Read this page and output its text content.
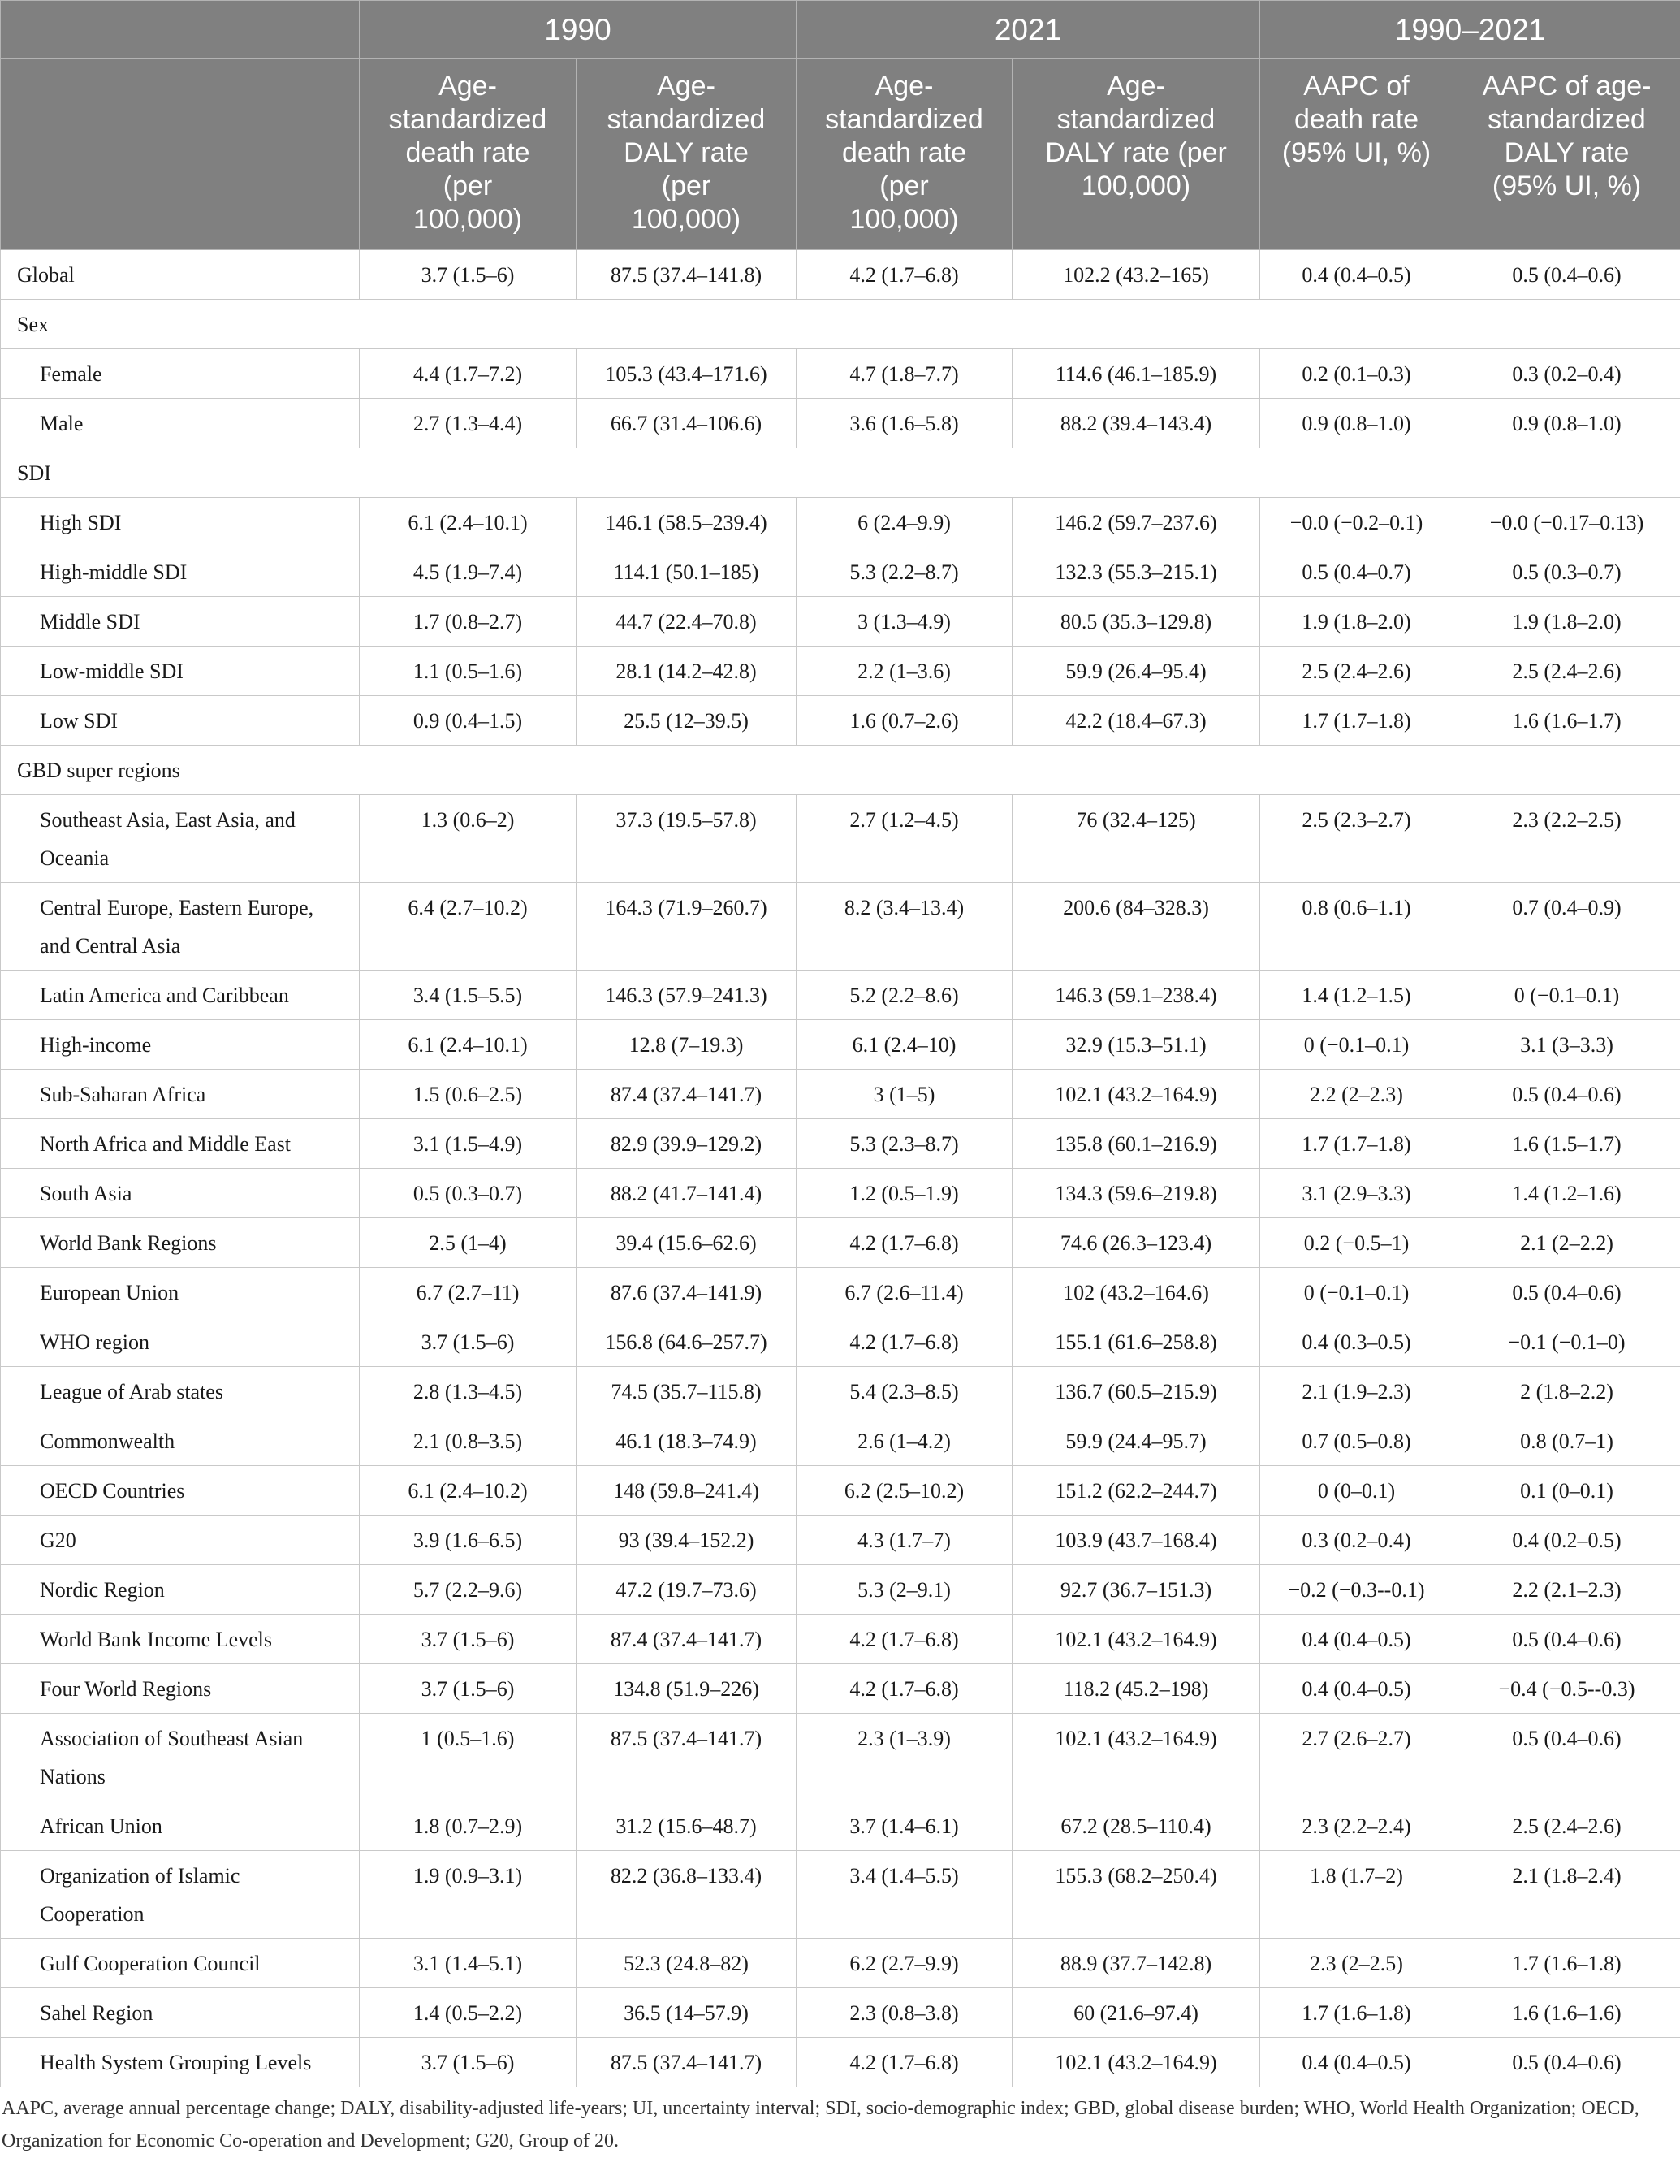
	1990		2021		1990–2021	
	Age-standardized death rate (per 100,000)	Age-standardized DALY rate (per 100,000)	Age-standardized death rate (per 100,000)	Age-standardized DALY rate (per 100,000)	AAPC of death rate (95% UI, %)	AAPC of age-standardized DALY rate (95% UI, %)
Global	3.7 (1.5–6)	87.5 (37.4–141.8)	4.2 (1.7–6.8)	102.2 (43.2–165)	0.4 (0.4–0.5)	0.5 (0.4–0.6)
Sex						
Female	4.4 (1.7–7.2)	105.3 (43.4–171.6)	4.7 (1.8–7.7)	114.6 (46.1–185.9)	0.2 (0.1–0.3)	0.3 (0.2–0.4)
Male	2.7 (1.3–4.4)	66.7 (31.4–106.6)	3.6 (1.6–5.8)	88.2 (39.4–143.4)	0.9 (0.8–1.0)	0.9 (0.8–1.0)
SDI						
High SDI	6.1 (2.4–10.1)	146.1 (58.5–239.4)	6 (2.4–9.9)	146.2 (59.7–237.6)	−0.0 (−0.2–0.1)	−0.0 (−0.17–0.13)
High-middle SDI	4.5 (1.9–7.4)	114.1 (50.1–185)	5.3 (2.2–8.7)	132.3 (55.3–215.1)	0.5 (0.4–0.7)	0.5 (0.3–0.7)
Middle SDI	1.7 (0.8–2.7)	44.7 (22.4–70.8)	3 (1.3–4.9)	80.5 (35.3–129.8)	1.9 (1.8–2.0)	1.9 (1.8–2.0)
Low-middle SDI	1.1 (0.5–1.6)	28.1 (14.2–42.8)	2.2 (1–3.6)	59.9 (26.4–95.4)	2.5 (2.4–2.6)	2.5 (2.4–2.6)
Low SDI	0.9 (0.4–1.5)	25.5 (12–39.5)	1.6 (0.7–2.6)	42.2 (18.4–67.3)	1.7 (1.7–1.8)	1.6 (1.6–1.7)
GBD super regions						
Southeast Asia, East Asia, and Oceania	1.3 (0.6–2)	37.3 (19.5–57.8)	2.7 (1.2–4.5)	76 (32.4–125)	2.5 (2.3–2.7)	2.3 (2.2–2.5)
Central Europe, Eastern Europe, and Central Asia	6.4 (2.7–10.2)	164.3 (71.9–260.7)	8.2 (3.4–13.4)	200.6 (84–328.3)	0.8 (0.6–1.1)	0.7 (0.4–0.9)
Latin America and Caribbean	3.4 (1.5–5.5)	146.3 (57.9–241.3)	5.2 (2.2–8.6)	146.3 (59.1–238.4)	1.4 (1.2–1.5)	0 (−0.1–0.1)
High-income	6.1 (2.4–10.1)	12.8 (7–19.3)	6.1 (2.4–10)	32.9 (15.3–51.1)	0 (−0.1–0.1)	3.1 (3–3.3)
Sub-Saharan Africa	1.5 (0.6–2.5)	87.4 (37.4–141.7)	3 (1–5)	102.1 (43.2–164.9)	2.2 (2–2.3)	0.5 (0.4–0.6)
North Africa and Middle East	3.1 (1.5–4.9)	82.9 (39.9–129.2)	5.3 (2.3–8.7)	135.8 (60.1–216.9)	1.7 (1.7–1.8)	1.6 (1.5–1.7)
South Asia	0.5 (0.3–0.7)	88.2 (41.7–141.4)	1.2 (0.5–1.9)	134.3 (59.6–219.8)	3.1 (2.9–3.3)	1.4 (1.2–1.6)
World Bank Regions	2.5 (1–4)	39.4 (15.6–62.6)	4.2 (1.7–6.8)	74.6 (26.3–123.4)	0.2 (−0.5–1)	2.1 (2–2.2)
European Union	6.7 (2.7–11)	87.6 (37.4–141.9)	6.7 (2.6–11.4)	102 (43.2–164.6)	0 (−0.1–0.1)	0.5 (0.4–0.6)
WHO region	3.7 (1.5–6)	156.8 (64.6–257.7)	4.2 (1.7–6.8)	155.1 (61.6–258.8)	0.4 (0.3–0.5)	−0.1 (−0.1–0)
League of Arab states	2.8 (1.3–4.5)	74.5 (35.7–115.8)	5.4 (2.3–8.5)	136.7 (60.5–215.9)	2.1 (1.9–2.3)	2 (1.8–2.2)
Commonwealth	2.1 (0.8–3.5)	46.1 (18.3–74.9)	2.6 (1–4.2)	59.9 (24.4–95.7)	0.7 (0.5–0.8)	0.8 (0.7–1)
OECD Countries	6.1 (2.4–10.2)	148 (59.8–241.4)	6.2 (2.5–10.2)	151.2 (62.2–244.7)	0 (0–0.1)	0.1 (0–0.1)
G20	3.9 (1.6–6.5)	93 (39.4–152.2)	4.3 (1.7–7)	103.9 (43.7–168.4)	0.3 (0.2–0.4)	0.4 (0.2–0.5)
Nordic Region	5.7 (2.2–9.6)	47.2 (19.7–73.6)	5.3 (2–9.1)	92.7 (36.7–151.3)	−0.2 (−0.3--0.1)	2.2 (2.1–2.3)
World Bank Income Levels	3.7 (1.5–6)	87.4 (37.4–141.7)	4.2 (1.7–6.8)	102.1 (43.2–164.9)	0.4 (0.4–0.5)	0.5 (0.4–0.6)
Four World Regions	3.7 (1.5–6)	134.8 (51.9–226)	4.2 (1.7–6.8)	118.2 (45.2–198)	0.4 (0.4–0.5)	−0.4 (−0.5--0.3)
Association of Southeast Asian Nations	1 (0.5–1.6)	87.5 (37.4–141.7)	2.3 (1–3.9)	102.1 (43.2–164.9)	2.7 (2.6–2.7)	0.5 (0.4–0.6)
African Union	1.8 (0.7–2.9)	31.2 (15.6–48.7)	3.7 (1.4–6.1)	67.2 (28.5–110.4)	2.3 (2.2–2.4)	2.5 (2.4–2.6)
Organization of Islamic Cooperation	1.9 (0.9–3.1)	82.2 (36.8–133.4)	3.4 (1.4–5.5)	155.3 (68.2–250.4)	1.8 (1.7–2)	2.1 (1.8–2.4)
Gulf Cooperation Council	3.1 (1.4–5.1)	52.3 (24.8–82)	6.2 (2.7–9.9)	88.9 (37.7–142.8)	2.3 (2–2.5)	1.7 (1.6–1.8)
Sahel Region	1.4 (0.5–2.2)	36.5 (14–57.9)	2.3 (0.8–3.8)	60 (21.6–97.4)	1.7 (1.6–1.8)	1.6 (1.6–1.6)
Health System Grouping Levels	3.7 (1.5–6)	87.5 (37.4–141.7)	4.2 (1.7–6.8)	102.1 (43.2–164.9)	0.4 (0.4–0.5)	0.5 (0.4–0.6)

AAPC, average annual percentage change; DALY, disability-adjusted life-years; UI, uncertainty interval; SDI, socio-demographic index; GBD, global disease burden; WHO, World Health Organization; OECD, Organization for Economic Co-operation and Development; G20, Group of 20.
